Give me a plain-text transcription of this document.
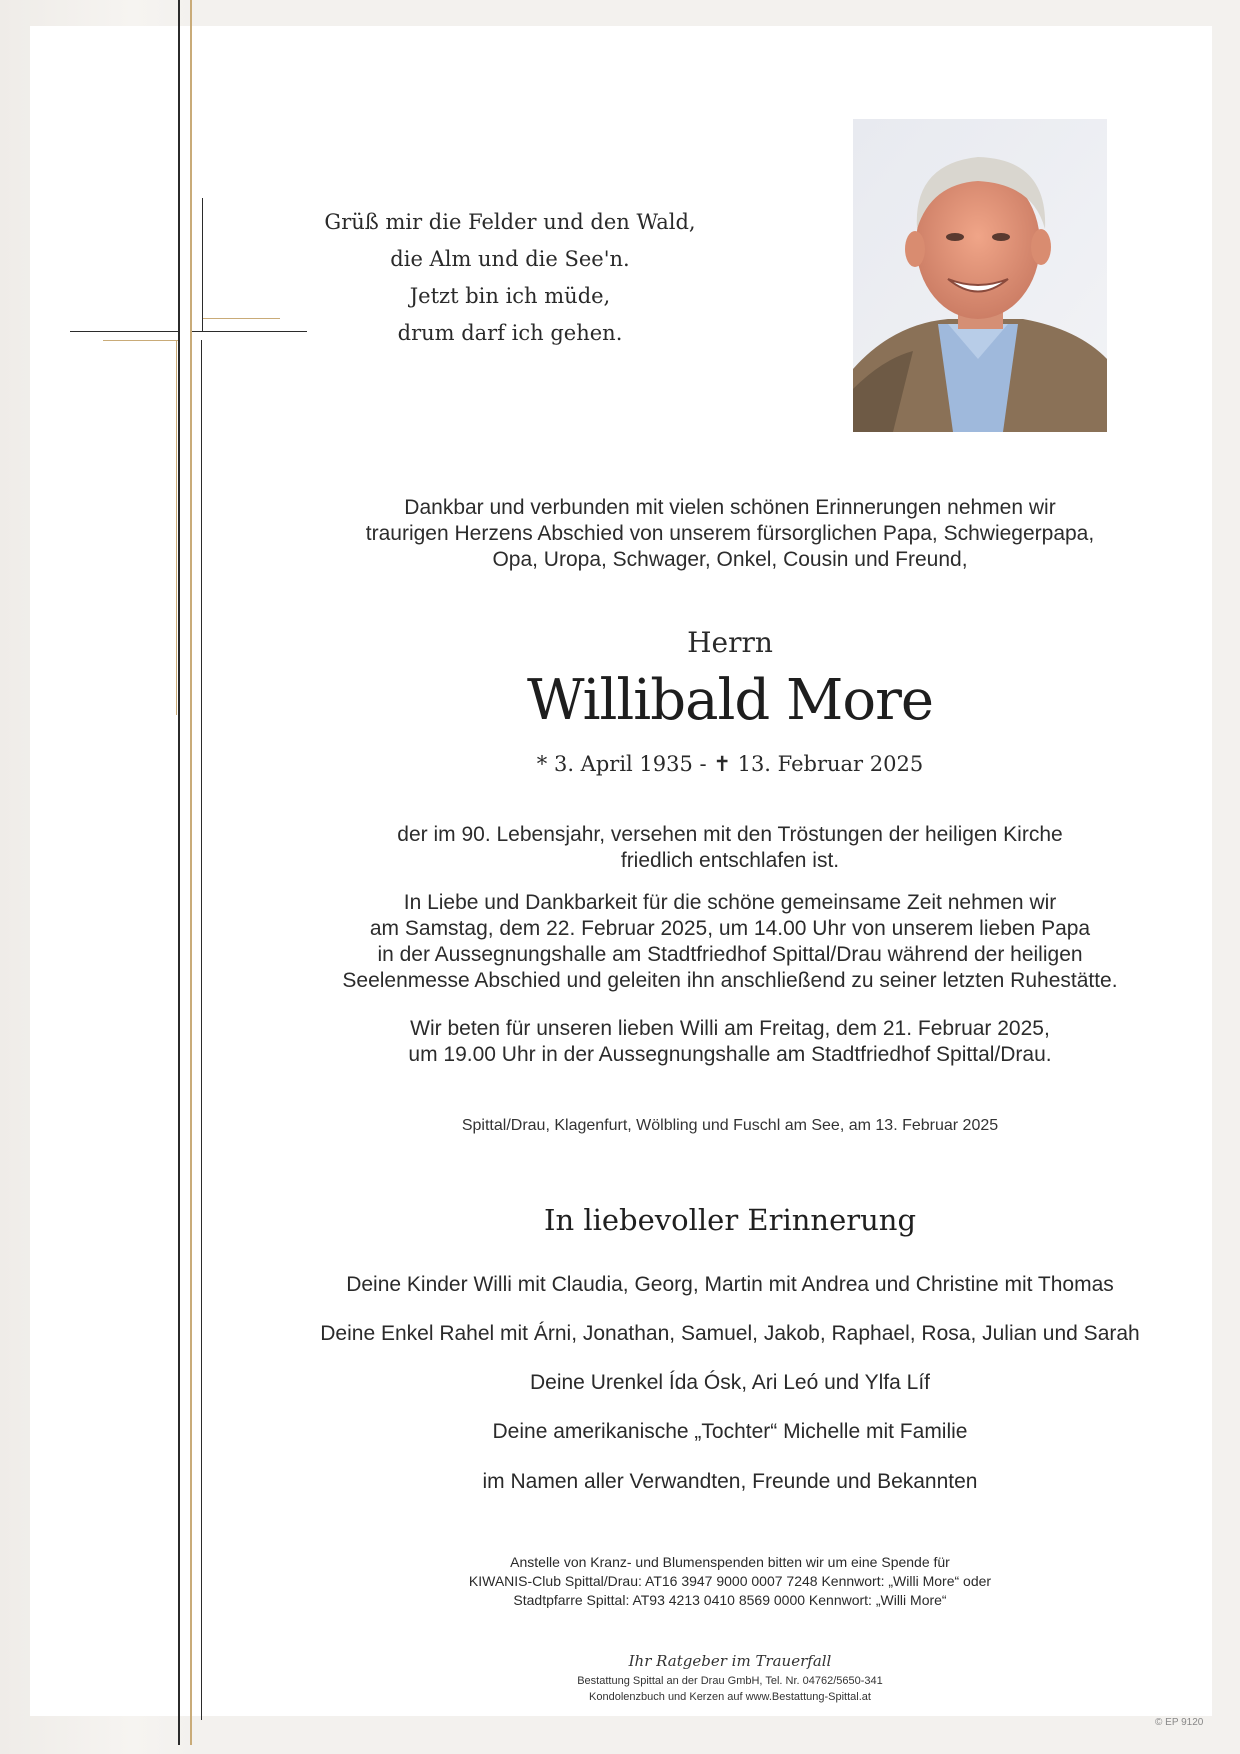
Grüß mir die Felder und den Wald,
die Alm und die See'n.
Jetzt bin ich müde,
drum darf ich gehen.
Dankbar und verbunden mit vielen schönen Erinnerungen nehmen wir
traurigen Herzens Abschied von unserem fürsorglichen Papa, Schwiegerpapa,
Opa, Uropa, Schwager, Onkel, Cousin und Freund,
Herrn
Willibald More
* 3. April 1935 - ✝ 13. Februar 2025
der im 90. Lebensjahr, versehen mit den Tröstungen der heiligen Kirche
friedlich entschlafen ist.
In Liebe und Dankbarkeit für die schöne gemeinsame Zeit nehmen wir
am Samstag, dem 22. Februar 2025, um 14.00 Uhr von unserem lieben Papa
in der Aussegnungshalle am Stadtfriedhof Spittal/Drau während der heiligen
Seelenmesse Abschied und geleiten ihn anschließend zu seiner letzten Ruhestätte.
Wir beten für unseren lieben Willi am Freitag, dem 21. Februar 2025,
um 19.00 Uhr in der Aussegnungshalle am Stadtfriedhof Spittal/Drau.
Spittal/Drau, Klagenfurt, Wölbling und Fuschl am See, am 13. Februar 2025
In liebevoller Erinnerung
Deine Kinder Willi mit Claudia, Georg, Martin mit Andrea und Christine mit Thomas
Deine Enkel Rahel mit Árni, Jonathan, Samuel, Jakob, Raphael, Rosa, Julian und Sarah
Deine Urenkel Ída Ósk, Ari Leó und Ylfa Líf
Deine amerikanische „Tochter“ Michelle mit Familie
im Namen aller Verwandten, Freunde und Bekannten
Anstelle von Kranz- und Blumenspenden bitten wir um eine Spende für
KIWANIS-Club Spittal/Drau: AT16 3947 9000 0007 7248 Kennwort: „Willi More“ oder
Stadtpfarre Spittal: AT93 4213 0410 8569 0000 Kennwort: „Willi More“
Ihr Ratgeber im Trauerfall
Bestattung Spittal an der Drau GmbH, Tel. Nr. 04762/5650-341
Kondolenzbuch und Kerzen auf www.Bestattung-Spittal.at
© EP 9120
